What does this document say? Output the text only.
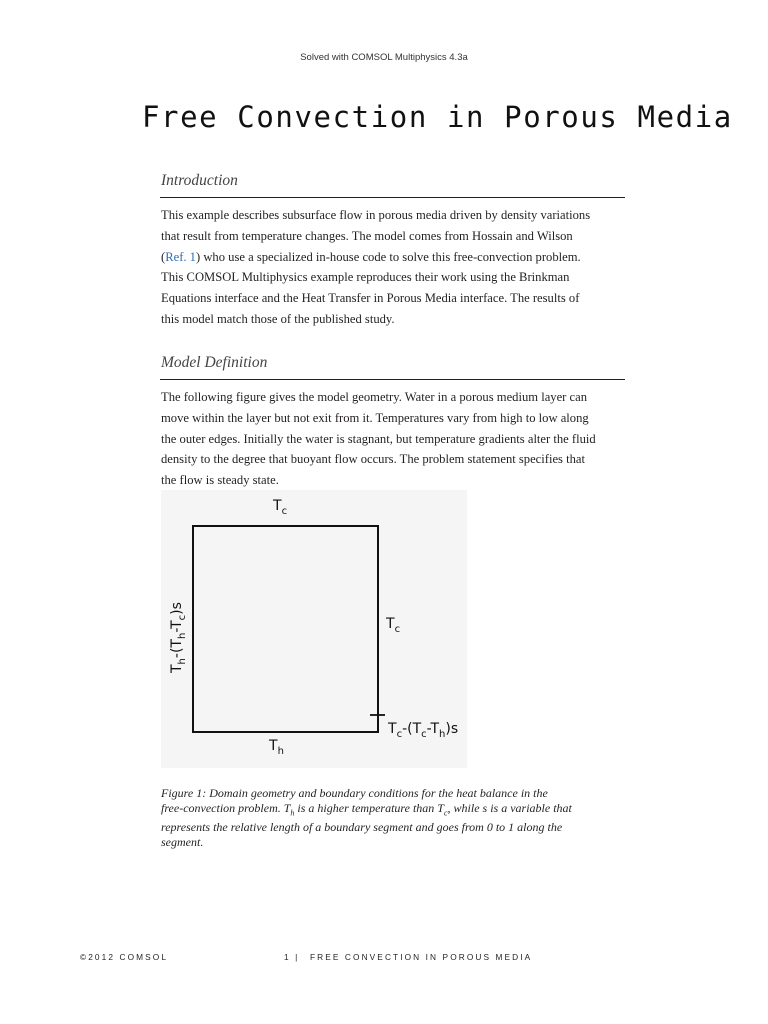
Solved with COMSOL Multiphysics 4.3a
Free Convection in Porous Media
Introduction
This example describes subsurface flow in porous media driven by density variations
that result from temperature changes. The model comes from Hossain and Wilson
(Ref. 1) who use a specialized in-house code to solve this free-convection problem.
This COMSOL Multiphysics example reproduces their work using the Brinkman
Equations interface and the Heat Transfer in Porous Media interface. The results of
this model match those of the published study.
Model Definition
The following figure gives the model geometry. Water in a porous medium layer can
move within the layer but not exit from it. Temperatures vary from high to low along
the outer edges. Initially the water is stagnant, but temperature gradients alter the fluid
density to the degree that buoyant flow occurs. The problem statement specifies that
the flow is steady state.
$T_c$
$T_c$
$T_h$
$T_c-(T_c-T_h)s$
$T_h-(T_h-T_c)s$
Figure 1: Domain geometry and boundary conditions for the heat balance in the
free-convection problem. $T_h$ is a higher temperature than $T_c$, while s is a variable that
represents the relative length of a boundary segment and goes from 0 to 1 along the
segment.
©2012 COMSOL	1 | FREE CONVECTION IN POROUS MEDIA
